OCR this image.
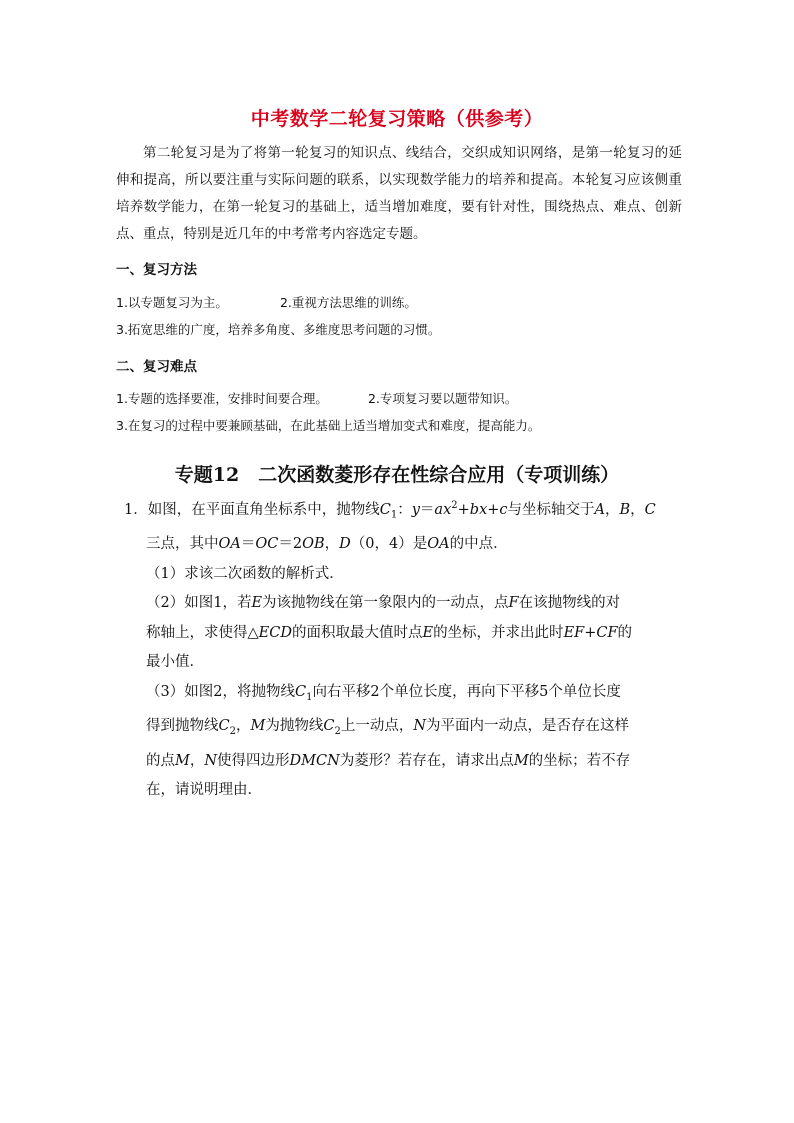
中考数学二轮复习策略（供参考）
第二轮复习是为了将第一轮复习的知识点、线结合，交织成知识网络，是第一轮复习的延伸和提高，所以要注重与实际问题的联系，以实现数学能力的培养和提高。本轮复习应该侧重培养数学能力，在第一轮复习的基础上，适当增加难度，要有针对性，围绕热点、难点、创新点、重点，特别是近几年的中考常考内容选定专题。
一、复习方法
1.以专题复习为主。	2.重视方法思维的训练。
3.拓宽思维的广度，培养多角度、多维度思考问题的习惯。
二、复习难点
1.专题的选择要准，安排时间要合理。	2.专项复习要以题带知识。
3.在复习的过程中要兼顾基础，在此基础上适当增加变式和难度，提高能力。
专题12　二次函数菱形存在性综合应用（专项训练）
1．如图，在平面直角坐标系中，抛物线$C_1$：$y=ax^2+bx+c$与坐标轴交于A，B，C
三点，其中OA＝OC＝2OB，D（0，4）是OA的中点．
（1）求该二次函数的解析式．
（2）如图1，若E为该抛物线在第一象限内的一动点，点F在该抛物线的对
称轴上，求使得△ECD的面积取最大值时点E的坐标，并求出此时EF+CF的
最小值．
（3）如图2，将抛物线$C_1$向右平移2个单位长度，再向下平移5个单位长度
得到抛物线$C_2$，M为抛物线$C_2$上一动点，N为平面内一动点，是否存在这样
的点M，N使得四边形DMCN为菱形？若存在，请求出点M的坐标；若不存
在，请说明理由．
